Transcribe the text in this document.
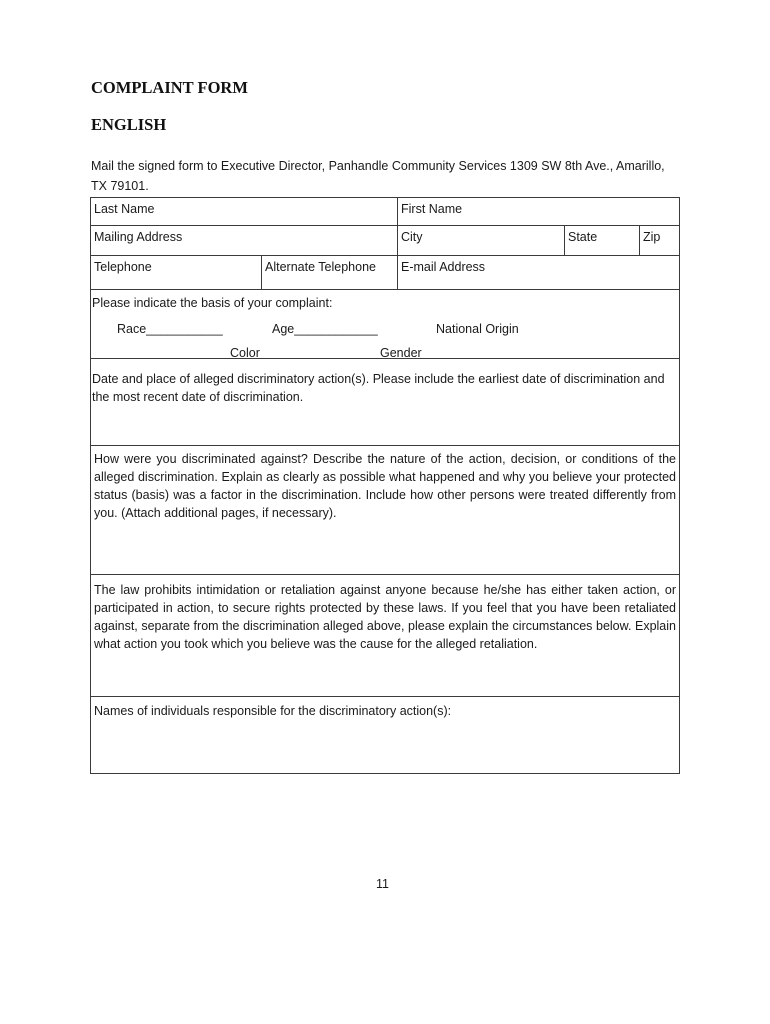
COMPLAINT FORM
ENGLISH
Mail the signed form to Executive Director, Panhandle Community Services 1309 SW 8th Ave., Amarillo, TX 79101.
Last Name	First Name
Mailing Address	City	State	Zip
Telephone	Alternate Telephone	E-mail Address
Please indicate the basis of your complaint:
Race___________	Age____________	National Origin
Color	Gender
Date and place of alleged discriminatory action(s). Please include the earliest date of discrimination and the most recent date of discrimination.
How were you discriminated against? Describe the nature of the action, decision, or conditions of the alleged discrimination. Explain as clearly as possible what happened and why you believe your protected status (basis) was a factor in the discrimination. Include how other persons were treated differently from you. (Attach additional pages, if necessary).
The law prohibits intimidation or retaliation against anyone because he/she has either taken action, or participated in action, to secure rights protected by these laws. If you feel that you have been retaliated against, separate from the discrimination alleged above, please explain the circumstances below. Explain what action you took which you believe was the cause for the alleged retaliation.
Names of individuals responsible for the discriminatory action(s):
11
